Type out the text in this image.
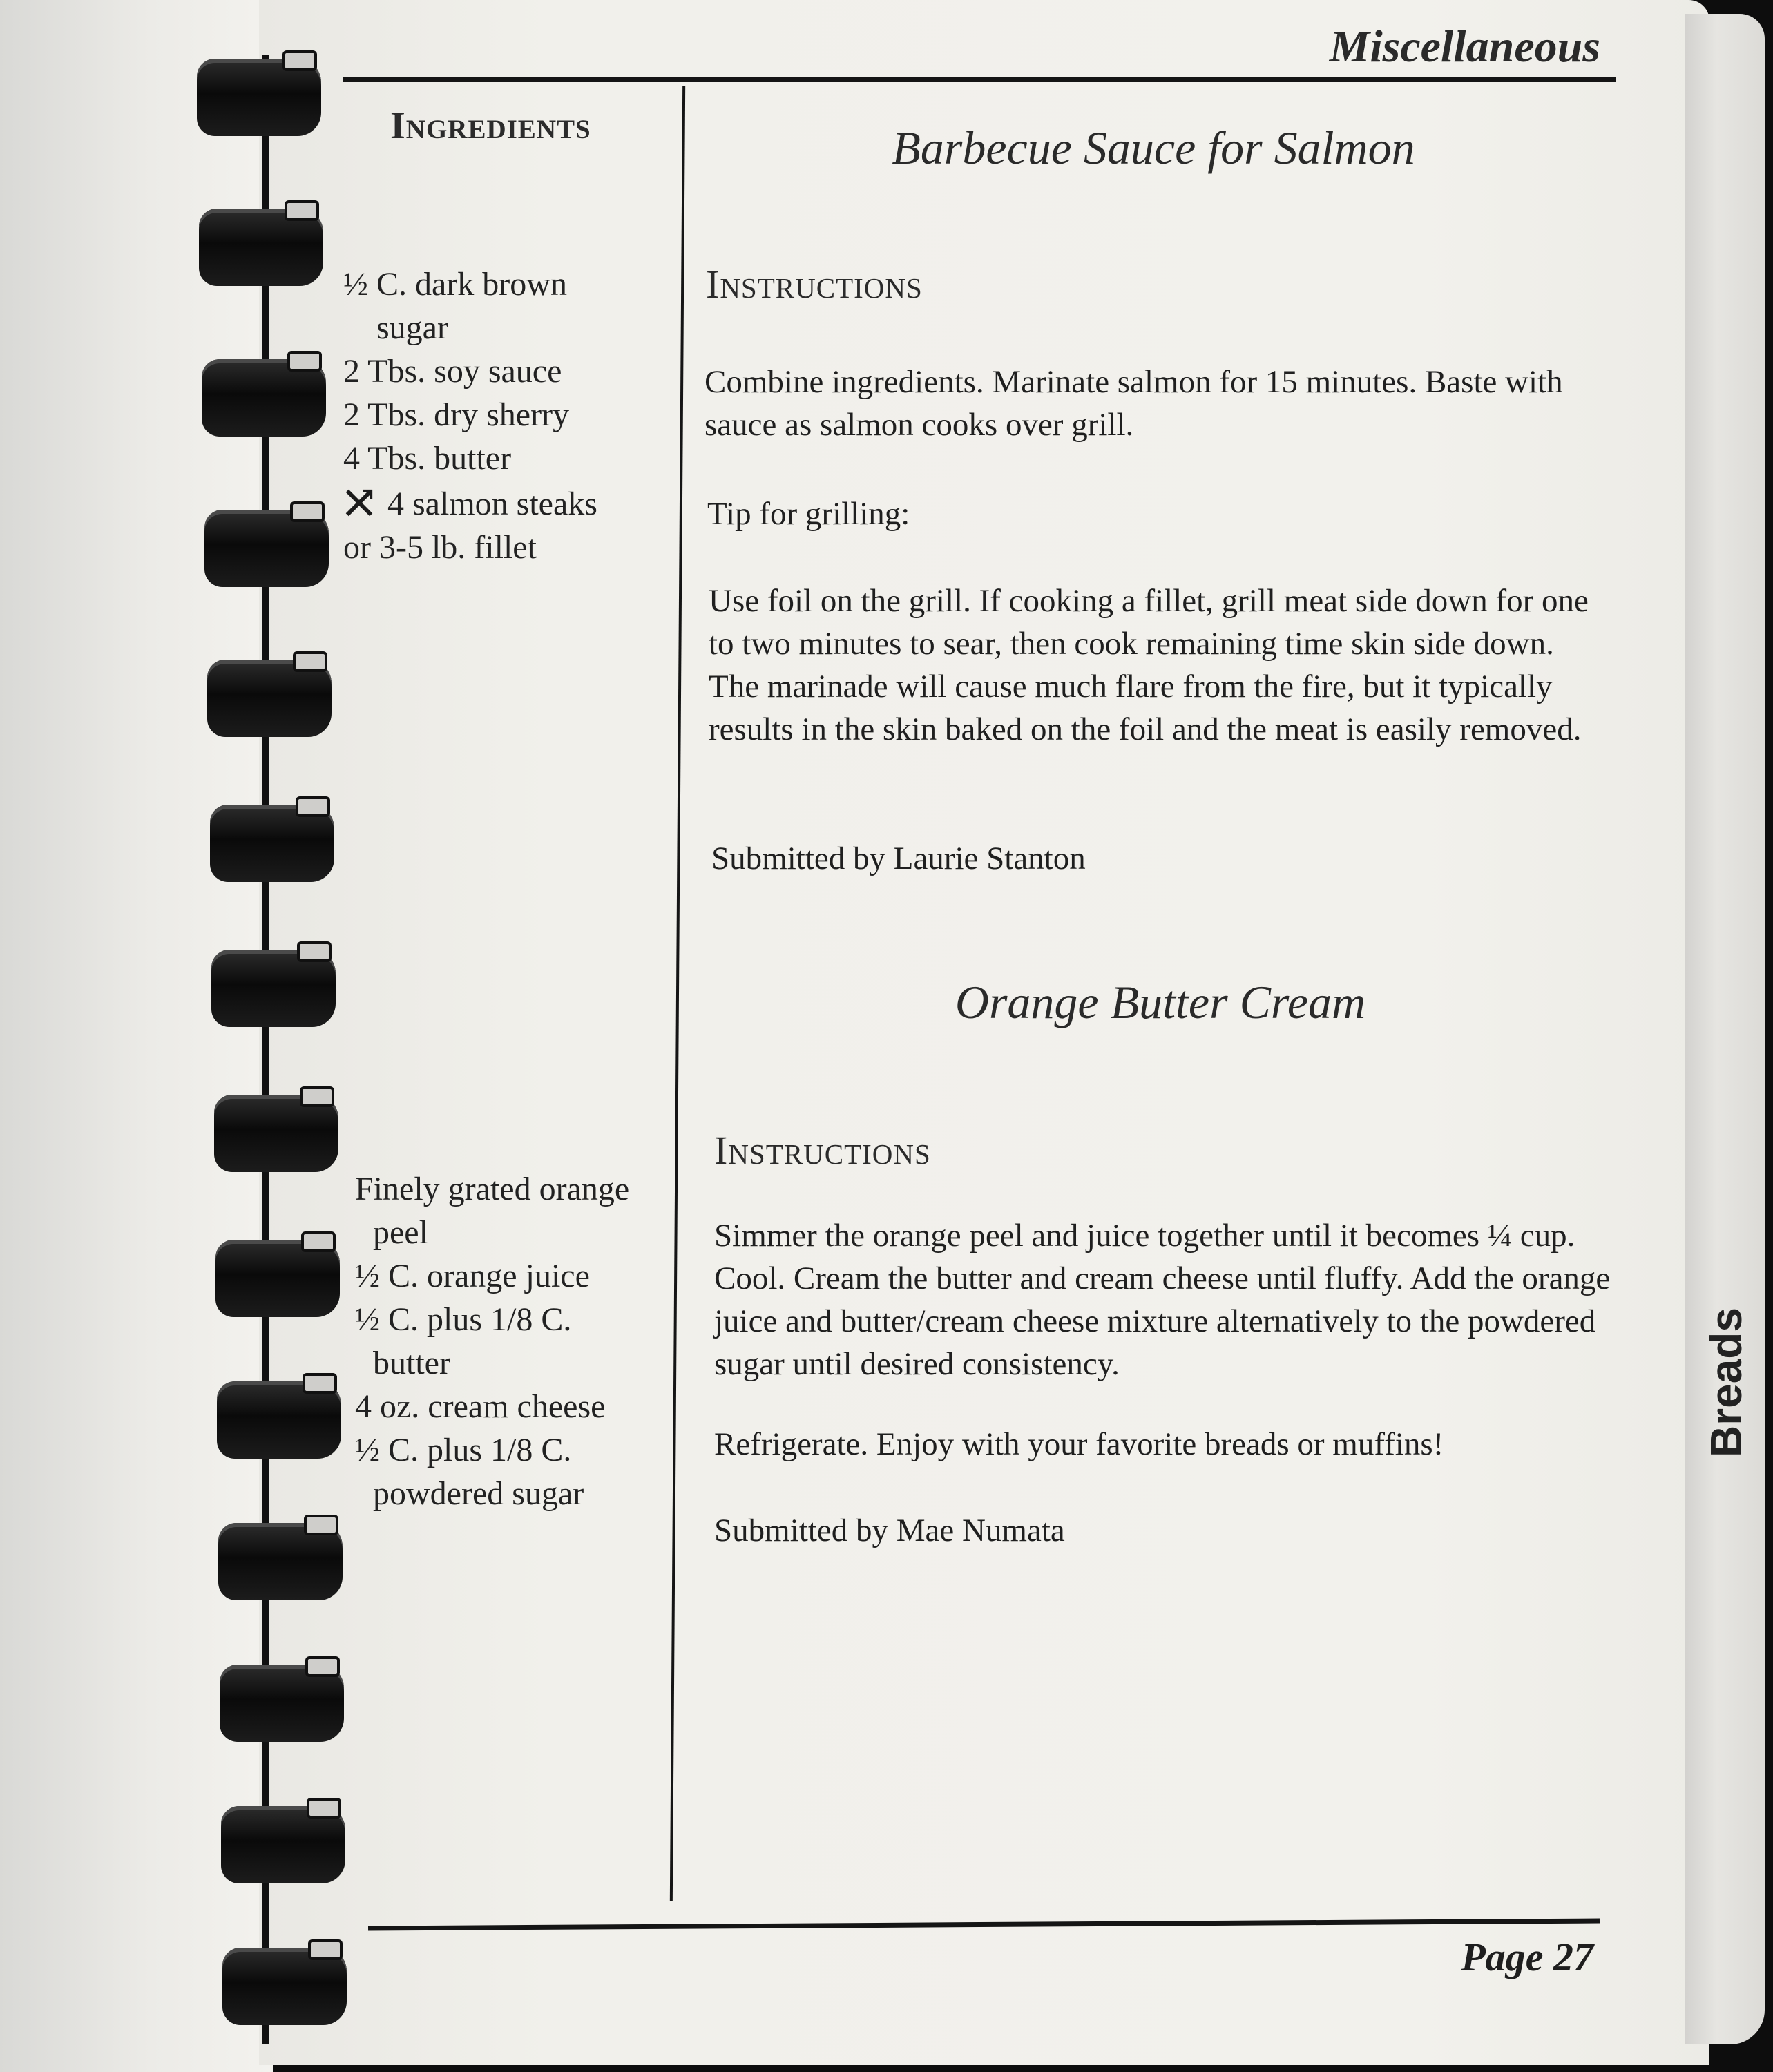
Miscellaneous
Ingredients	Barbecue Sauce for Salmon
Instructions
½ C. dark brown
sugar
2 Tbs. soy sauce
2 Tbs. dry sherry
4 Tbs. butter
4 salmon steaks
or 3-5 lb. fillet
Combine ingredients. Marinate salmon for 15 minutes. Baste with sauce as salmon cooks over grill.
Tip for grilling:
Use foil on the grill. If cooking a fillet, grill meat side down for one to two minutes to sear, then cook remaining time skin side down. The marinade will cause much flare from the fire, but it typically results in the skin baked on the foil and the meat is easily removed.
Submitted by Laurie Stanton
Orange Butter Cream
Instructions
Finely grated orange
peel
½ C. orange juice
½ C. plus 1/8 C.
butter
4 oz. cream cheese
½ C. plus 1/8 C.
powdered sugar
Simmer the orange peel and juice together until it becomes ¼ cup. Cool. Cream the butter and cream cheese until fluffy. Add the orange juice and butter/cream cheese mixture alternatively to the powdered sugar until desired consistency.
Refrigerate. Enjoy with your favorite breads or muffins!
Submitted by Mae Numata
Breads
Page 27
